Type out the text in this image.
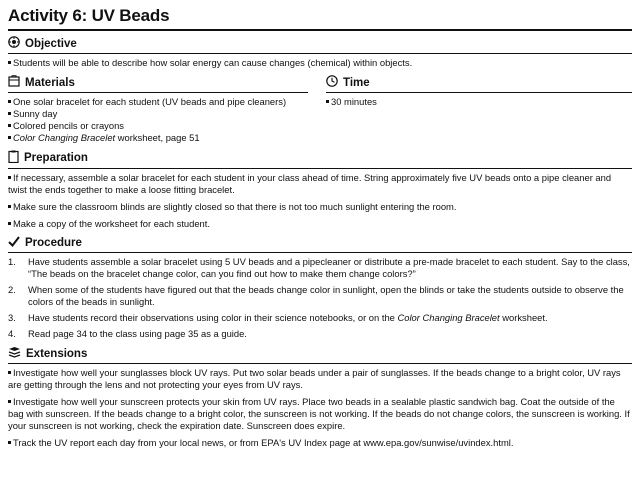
Activity 6: UV Beads
Objective

Students will be able to describe how solar energy can cause changes (chemical) within objects.

Materials

One solar bracelet for each student (UV beads and pipe cleaners)

Sunny day

Colored pencils or crayons

Color Changing Bracelet worksheet, page 51

Time

30 minutes

Preparation

If necessary, assemble a solar bracelet for each student in your class ahead of time. String approximately five UV beads onto a pipe cleaner and twist the ends together to make a loose fitting bracelet.

Make sure the classroom blinds are slightly closed so that there is not too much sunlight entering the room.

Make a copy of the worksheet for each student.

Procedure
1.	Have students assemble a solar bracelet using 5 UV beads and a pipecleaner or distribute a pre-made bracelet to each student. Say to the class, “The beads on the bracelet change color, can you find out how to make them change colors?”
2.	When some of the students have figured out that the beads change color in sunlight, open the blinds or take the students outside to observe the colors of the beads in sunlight.
3.	Have students record their observations using color in their science notebooks, or on the Color Changing Bracelet worksheet.
4.	Read page 34 to the class using page 35 as a guide.
Extensions

Investigate how well your sunglasses block UV rays. Put two solar beads under a pair of sunglasses. If the beads change to a bright color, UV rays are getting through the lens and not protecting your eyes from UV rays.

Investigate how well your sunscreen protects your skin from UV rays. Place two beads in a sealable plastic sandwich bag. Coat the outside of the bag with sunscreen. If the beads change to a bright color, the sunscreen is not working. If the beads do not change colors, the sunscreen is working. If your sunscreen is not working, check the expiration date. Sunscreen does expire.

Track the UV report each day from your local news, or from EPA's UV Index page at www.epa.gov/sunwise/uvindex.html.
